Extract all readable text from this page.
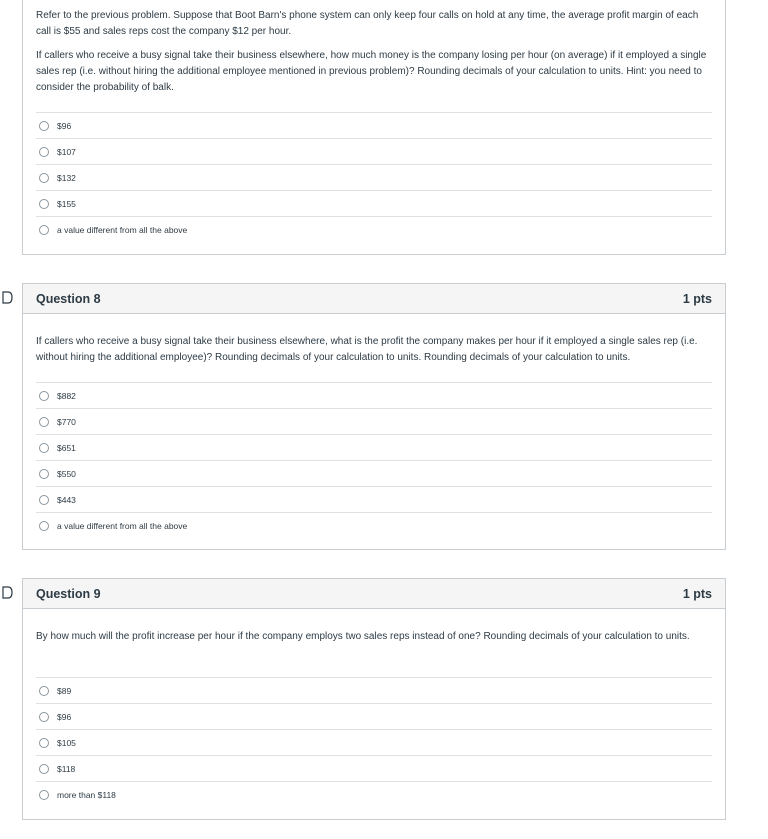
Refer to the previous problem. Suppose that Boot Barn's phone system can only keep four calls on hold at any time, the average profit margin of each call is $55 and sales reps cost the company $12 per hour.

If callers who receive a busy signal take their business elsewhere, how much money is the company losing per hour (on average) if it employed a single sales rep (i.e. without hiring the additional employee mentioned in previous problem)? Rounding decimals of your calculation to units. Hint: you need to consider the probability of balk.

$96
$107
$132
$155
a value different from all the above
Question 8	1 pts

If callers who receive a busy signal take their business elsewhere, what is the profit the company makes per hour if it employed a single sales rep (i.e. without hiring the additional employee)? Rounding decimals of your calculation to units. Rounding decimals of your calculation to units.

$882
$770
$651
$550
$443
a value different from all the above
Question 9	1 pts

By how much will the profit increase per hour if the company employs two sales reps instead of one? Rounding decimals of your calculation to units.

$89
$96
$105
$118
more than $118
